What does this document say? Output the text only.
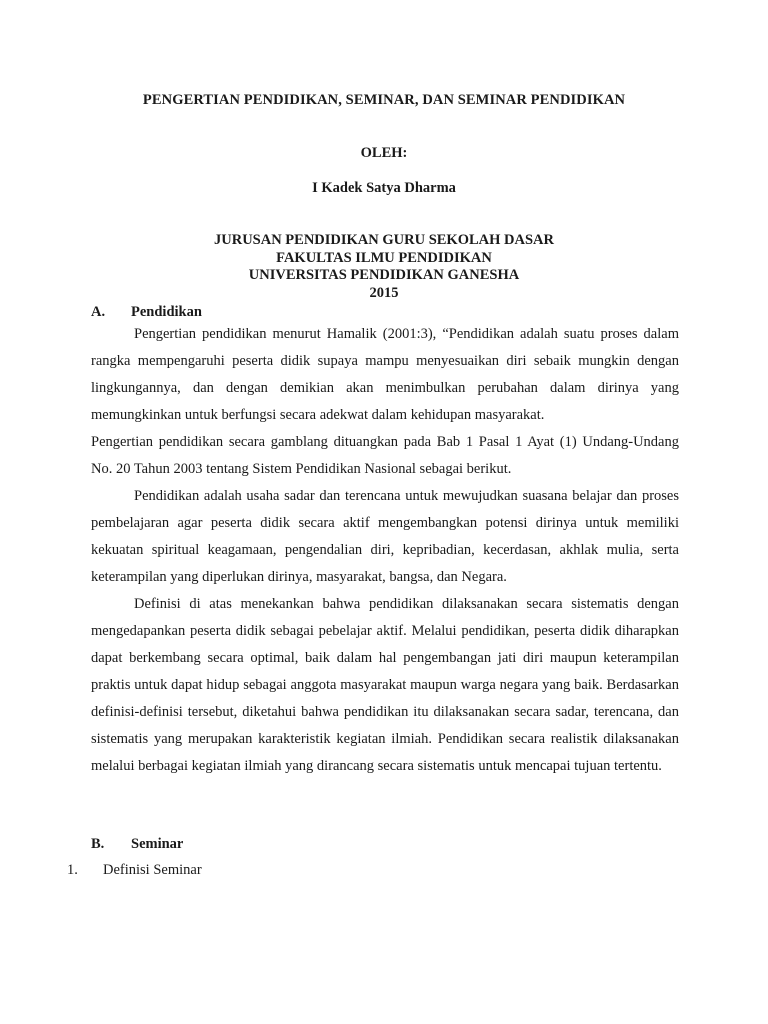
PENGERTIAN PENDIDIKAN, SEMINAR, DAN SEMINAR PENDIDIKAN
OLEH:
I Kadek Satya Dharma
JURUSAN PENDIDIKAN GURU SEKOLAH DASAR
FAKULTAS ILMU PENDIDIKAN
UNIVERSITAS PENDIDIKAN GANESHA
2015
A. Pendidikan

Pengertian pendidikan menurut Hamalik (2001:3), “Pendidikan adalah suatu proses dalam rangka mempengaruhi peserta didik supaya mampu menyesuaikan diri sebaik mungkin dengan lingkungannya, dan dengan demikian akan menimbulkan perubahan dalam dirinya yang memungkinkan untuk berfungsi secara adekwat dalam kehidupan masyarakat.

Pengertian pendidikan secara gamblang dituangkan pada Bab 1 Pasal 1 Ayat (1) Undang-Undang No. 20 Tahun 2003 tentang Sistem Pendidikan Nasional sebagai berikut.

Pendidikan adalah usaha sadar dan terencana untuk mewujudkan suasana belajar dan proses pembelajaran agar peserta didik secara aktif mengembangkan potensi dirinya untuk memiliki kekuatan spiritual keagamaan, pengendalian diri, kepribadian, kecerdasan, akhlak mulia, serta keterampilan yang diperlukan dirinya, masyarakat, bangsa, dan Negara.

Definisi di atas menekankan bahwa pendidikan dilaksanakan secara sistematis dengan mengedapankan peserta didik sebagai pebelajar aktif. Melalui pendidikan, peserta didik diharapkan dapat berkembang secara optimal, baik dalam hal pengembangan jati diri maupun keterampilan praktis untuk dapat hidup sebagai anggota masyarakat maupun warga negara yang baik. Berdasarkan definisi-definisi tersebut, diketahui bahwa pendidikan itu dilaksanakan secara sadar, terencana, dan sistematis yang merupakan karakteristik kegiatan ilmiah. Pendidikan secara realistik dilaksanakan melalui berbagai kegiatan ilmiah yang dirancang secara sistematis untuk mencapai tujuan tertentu.

B. Seminar
1. Definisi Seminar
